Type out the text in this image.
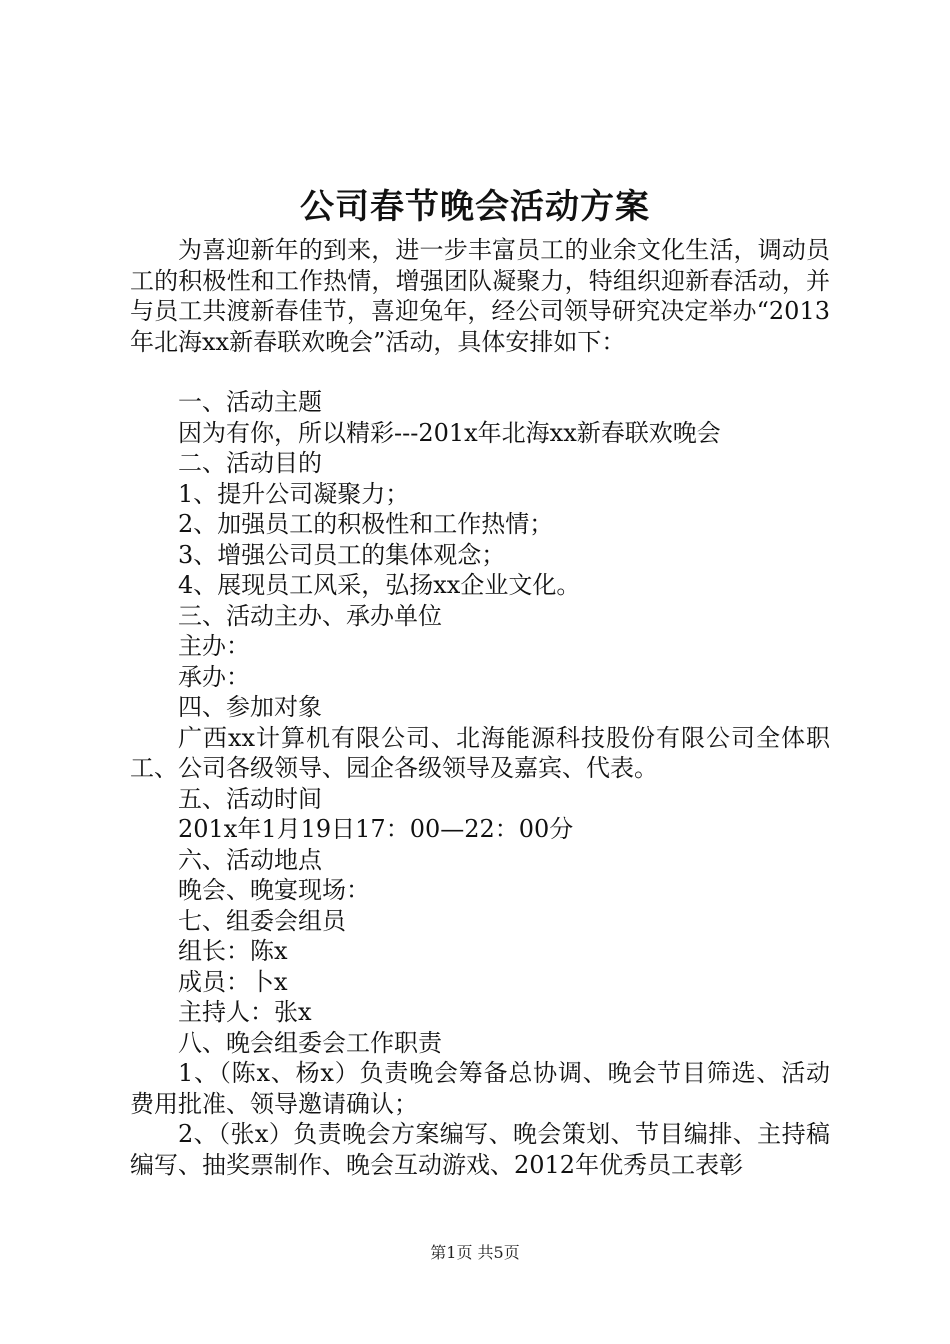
公司春节晚会活动方案

为喜迎新年的到来，进一步丰富员工的业余文化生活，调动员工的积极性和工作热情，增强团队凝聚力，特组织迎新春活动，并与员工共渡新春佳节，喜迎兔年，经公司领导研究决定举办“2013年北海xx新春联欢晚会”活动，具体安排如下：

一、活动主题

因为有你，所以精彩---201x年北海xx新春联欢晚会

二、活动目的

1、提升公司凝聚力；

2、加强员工的积极性和工作热情；

3、增强公司员工的集体观念；

4、展现员工风采，弘扬xx企业文化。

三、活动主办、承办单位

主办：

承办：

四、参加对象

广西xx计算机有限公司、北海能源科技股份有限公司全体职工、公司各级领导、园企各级领导及嘉宾、代表。

五、活动时间

201x年1月19日17：00—22：00分

六、活动地点

晚会、晚宴现场：

七、组委会组员

组长：陈x

成员：卜x

主持人：张x

八、晚会组委会工作职责

1、（陈x、杨x）负责晚会筹备总协调、晚会节目筛选、活动费用批准、领导邀请确认；

2、（张x）负责晚会方案编写、晚会策划、节目编排、主持稿编写、抽奖票制作、晚会互动游戏、2012年优秀员工表彰

第1页 共5页
